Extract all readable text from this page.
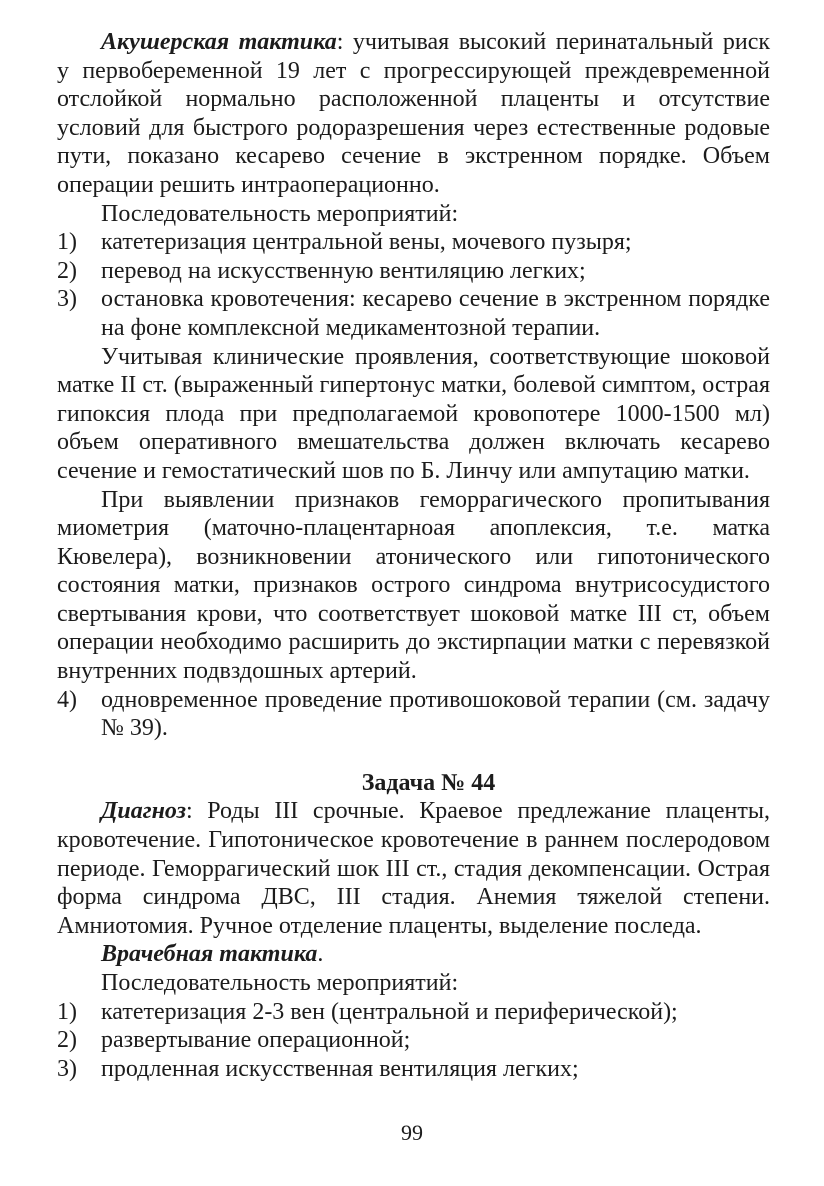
Акушерская тактика: учитывая высокий перинатальный риск у первобеременной 19 лет с прогрессирующей преждевременной отслойкой нормально расположенной плаценты и отсутствие условий для быстрого родоразрешения через естественные родовые пути, показано кесарево сечение в экстренном порядке. Объем операции решить интраоперационно.

Последовательность мероприятий:

1)	катетеризация центральной вены, мочевого пузыря;
2)	перевод на искусственную вентиляцию легких;
3)	остановка кровотечения: кесарево сечение в экстренном порядке на фоне комплексной медикаментозной терапии.

Учитывая клинические проявления, соответствующие шоковой матке II ст. (выраженный гипертонус матки, болевой симптом, острая гипоксия плода при предполагаемой кровопотере 1000-1500 мл) объем оперативного вмешательства должен включать кесарево сечение и гемостатический шов по Б. Линчу или ампутацию матки.

При выявлении признаков геморрагического пропитывания миометрия (маточно-плацентарноая апоплексия, т.е. матка Кювелера), возникновении атонического или гипотонического состояния матки, признаков острого синдрома внутрисосудистого свертывания крови, что соответствует шоковой матке III ст, объем операции необходимо расширить до экстирпации матки с перевязкой внутренних подвздошных артерий.

4)	одновременное проведение противошоковой терапии (см. задачу № 39).

Задача № 44

Диагноз: Роды III срочные. Краевое предлежание плаценты, кровотечение. Гипотоническое кровотечение в раннем послеродовом периоде. Геморрагический шок III ст., стадия декомпенсации. Острая форма синдрома ДВС, III стадия. Анемия тяжелой степени. Амниотомия. Ручное отделение плаценты, выделение последа.

Врачебная тактика.

Последовательность мероприятий:

1)	катетеризация 2-3 вен (центральной и периферической);
2)	развертывание операционной;
3)	продленная искусственная вентиляция легких;
99
